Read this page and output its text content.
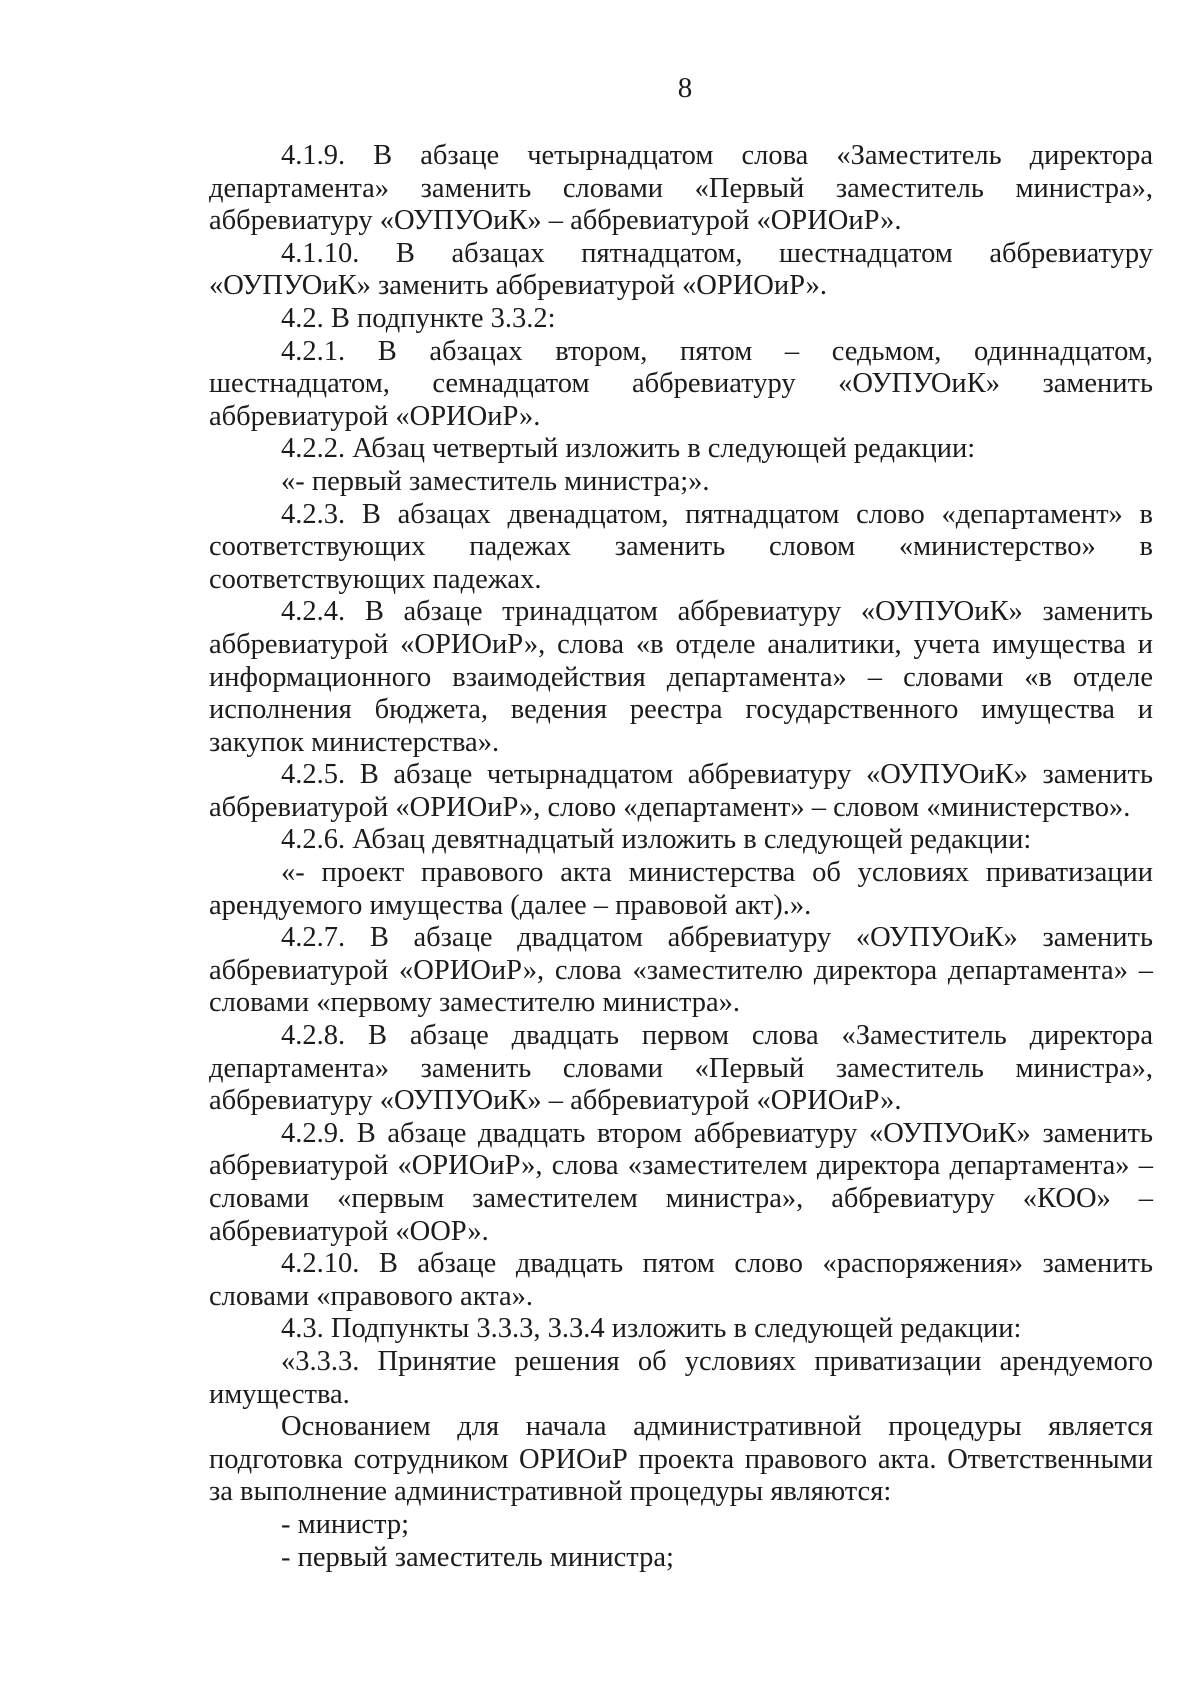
8

4.1.9. В абзаце четырнадцатом слова «Заместитель директора департамента» заменить словами «Первый заместитель министра», аббревиатуру «ОУПУОиК» – аббревиатурой «ОРИОиР».

4.1.10. В абзацах пятнадцатом, шестнадцатом аббревиатуру «ОУПУОиК» заменить аббревиатурой «ОРИОиР».

4.2. В подпункте 3.3.2:

4.2.1. В абзацах втором, пятом – седьмом, одиннадцатом, шестнадцатом, семнадцатом аббревиатуру «ОУПУОиК» заменить аббревиатурой «ОРИОиР».

4.2.2. Абзац четвертый изложить в следующей редакции:

«- первый заместитель министра;».

4.2.3. В абзацах двенадцатом, пятнадцатом слово «департамент» в соответствующих падежах заменить словом «министерство» в соответствующих падежах.

4.2.4. В абзаце тринадцатом аббревиатуру «ОУПУОиК» заменить аббревиатурой «ОРИОиР», слова «в отделе аналитики, учета имущества и информационного взаимодействия департамента» – словами «в отделе исполнения бюджета, ведения реестра государственного имущества и закупок министерства».

4.2.5. В абзаце четырнадцатом аббревиатуру «ОУПУОиК» заменить аббревиатурой «ОРИОиР», слово «департамент» – словом «министерство».

4.2.6. Абзац девятнадцатый изложить в следующей редакции:

«- проект правового акта министерства об условиях приватизации арендуемого имущества (далее – правовой акт).».

4.2.7. В абзаце двадцатом аббревиатуру «ОУПУОиК» заменить аббревиатурой «ОРИОиР», слова «заместителю директора департамента» – словами «первому заместителю министра».

4.2.8. В абзаце двадцать первом слова «Заместитель директора департамента» заменить словами «Первый заместитель министра», аббревиатуру «ОУПУОиК» – аббревиатурой «ОРИОиР».

4.2.9. В абзаце двадцать втором аббревиатуру «ОУПУОиК» заменить аббревиатурой «ОРИОиР», слова «заместителем директора департамента» – словами «первым заместителем министра», аббревиатуру «КОО» – аббревиатурой «ООР».

4.2.10. В абзаце двадцать пятом слово «распоряжения» заменить словами «правового акта».

4.3. Подпункты 3.3.3, 3.3.4 изложить в следующей редакции:

«3.3.3. Принятие решения об условиях приватизации арендуемого имущества.

Основанием для начала административной процедуры является подготовка сотрудником ОРИОиР проекта правового акта. Ответственными за выполнение административной процедуры являются:

- министр;

- первый заместитель министра;
